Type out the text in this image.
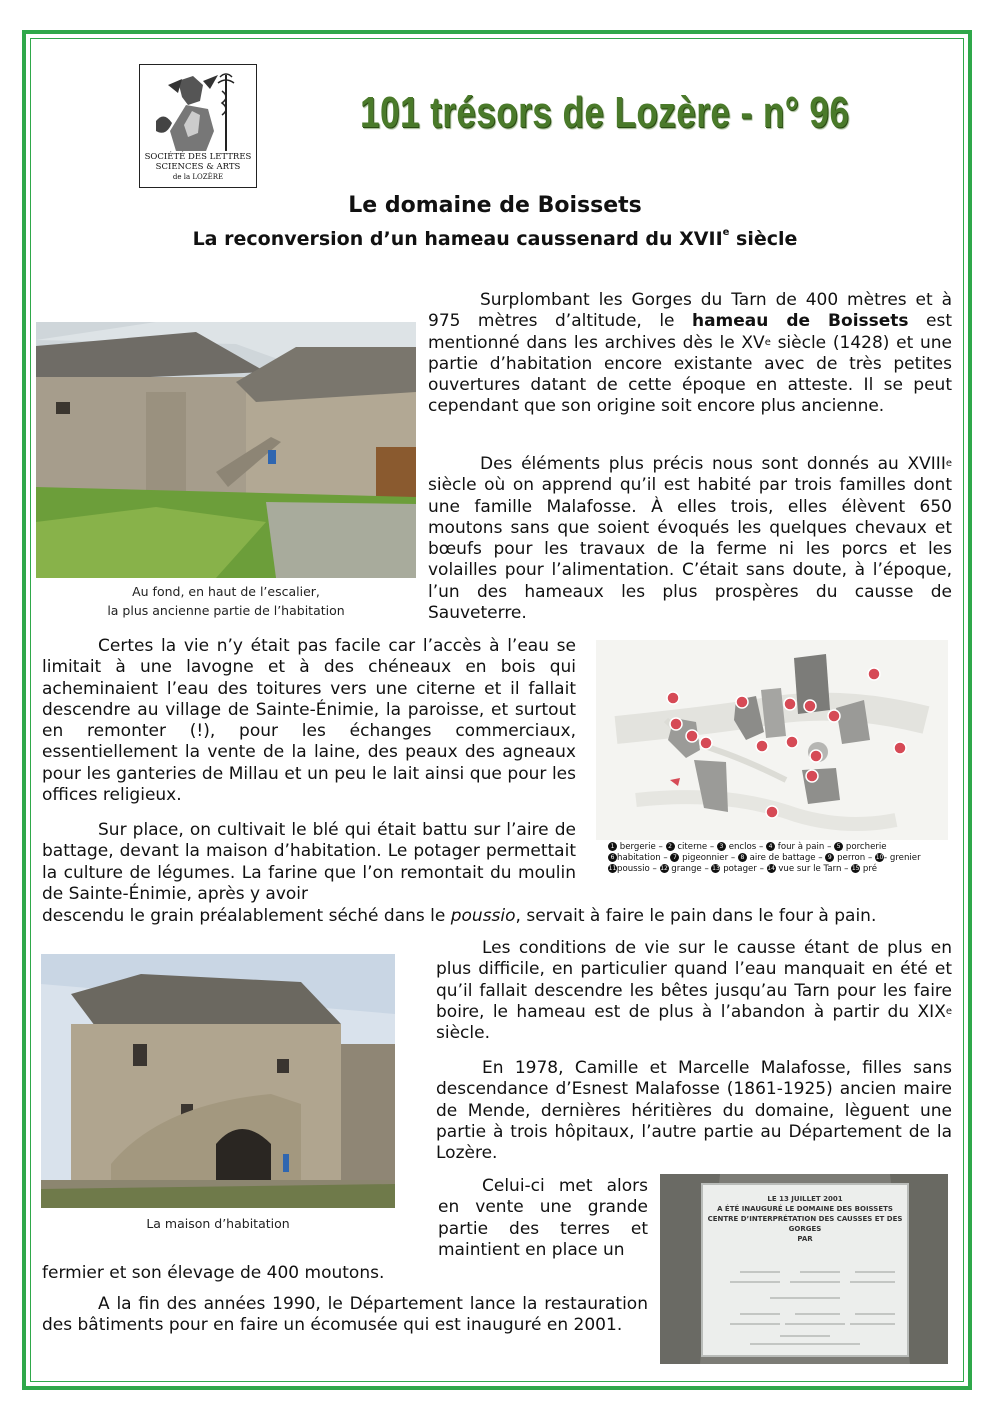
SOCIÉTÉ DES LETTRES
SCIENCES & ARTS
de la LOZÈRE
101 trésors de Lozère - n° 96
Le domaine de Boissets
La reconversion d’un hameau caussenard du XVIIe siècle
Au fond, en haut de l’escalier,
la plus ancienne partie de l’habitation
Surplombant les Gorges du Tarn de 400 mètres et à 975 mètres d’altitude, le hameau de Boissets est mentionné dans les archives dès le XVe siècle (1428) et une partie d’habitation encore existante avec de très petites ouvertures datant de cette époque en atteste. Il se peut cependant que son origine soit encore plus ancienne.
Des éléments plus précis nous sont donnés au XVIIIe siècle où on apprend qu’il est habité par trois familles dont une famille Malafosse. À elles trois, elles élèvent 650 moutons sans que soient évoqués les quelques chevaux et bœufs pour les travaux de la ferme ni les porcs et les volailles pour l’alimentation. C’était sans doute, à l’époque, l’un des hameaux les plus prospères du causse de Sauveterre.
Certes la vie n’y était pas facile car l’accès à l’eau se limitait à une lavogne et à des chéneaux en bois qui acheminaient l’eau des toitures vers une citerne et il fallait descendre au village de Sainte-Énimie, la paroisse, et surtout en remonter (!), pour les échanges commerciaux, essentiellement la vente de la laine, des peaux des agneaux pour les ganteries de Millau et un peu le lait ainsi que pour les offices religieux.
Sur place, on cultivait le blé qui était battu sur l’aire de battage, devant la maison d’habitation. Le potager permettait la culture de légumes. La farine que l’on remontait du moulin de Sainte-Énimie, après y avoir
descendu le grain préalablement séché dans le poussio, servait à faire le pain dans le four à pain.
1 bergerie – 2 citerne – 3 enclos – 4 four à pain – 5 porcherie
6 habitation – 7 pigeonnier – 8 aire de battage – 9 perron – 10- grenier
11poussio – 12 grange – 13 potager – 14 vue sur le Tarn – 15 pré
La maison d’habitation
Les conditions de vie sur le causse étant de plus en plus difficile, en particulier quand l’eau manquait en été et qu’il fallait descendre les bêtes jusqu’au Tarn pour les faire boire, le hameau est de plus à l’abandon à partir du XIXe siècle.
En 1978, Camille et Marcelle Malafosse, filles sans descendance d’Esnest Malafosse (1861-1925) ancien maire de Mende, dernières héritières du domaine, lèguent une partie à trois hôpitaux, l’autre partie au Département de la Lozère.
Celui-ci met alors en vente une grande partie des terres et maintient en place un
fermier et son élevage de 400 moutons.
A la fin des années 1990, le Département lance la restauration des bâtiments pour en faire un écomusée qui est inauguré en 2001.
LE 13 JUILLET 2001
A ÉTÉ INAUGURÉ LE DOMAINE DES BOISSETS
CENTRE D’INTERPRÉTATION DES CAUSSES ET DES GORGES
PAR
